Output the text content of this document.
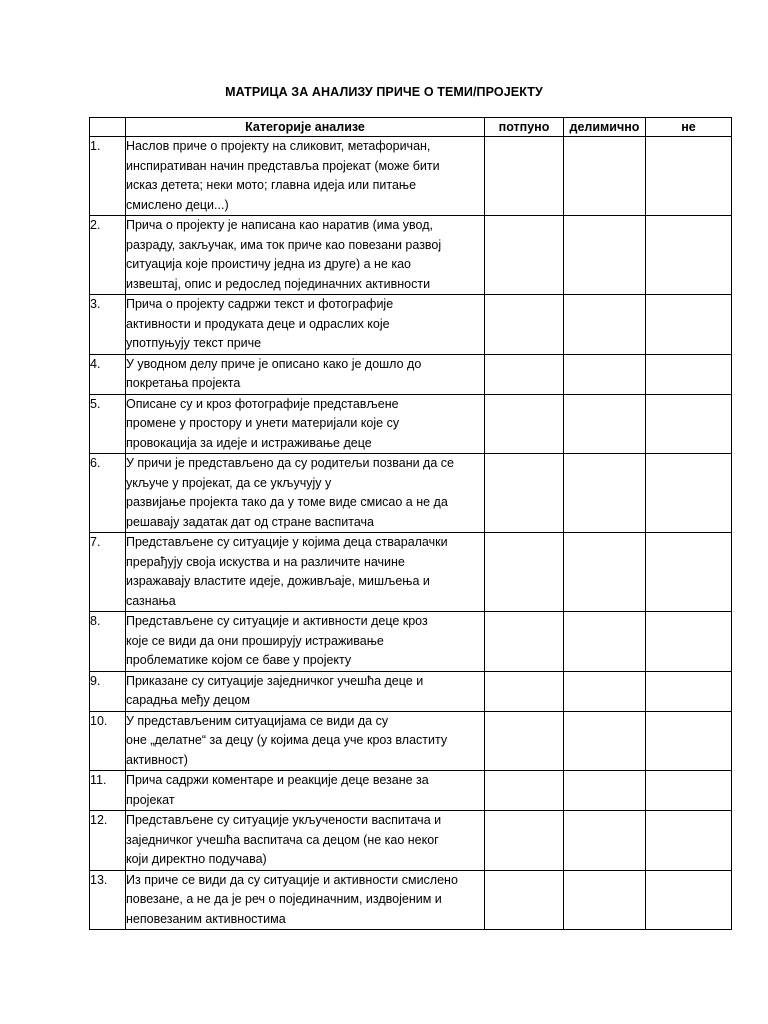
МАТРИЦА ЗА АНАЛИЗУ ПРИЧЕ О ТЕМИ/ПРОЈЕКТУ
	Категорије анализе	потпуно	делимично	не
1.	Наслов приче о пројекту на сликовит, метафоричан,
инспиративан начин представља пројекат (може бити
исказ детета; неки мото; главна идеја или питање
смислено деци...)			

2.	Прича о пројекту је написана као наратив (има увод,
разраду, закључак, има ток приче као повезани развој
ситуација које проистичу једна из друге) а не као
извештај, опис и редослед појединачних активности			

3.	Прича о пројекту садржи текст и фотографије
активности и продуката деце и одраслих које
употпуњују текст приче			

4.	У уводном делу приче је описано како је дошло до
покретања пројекта			

5.	Описане су и кроз фотографије представљене
промене у простору и унети материјали које су
провокација за идеје и истраживање деце			

6.	У причи је представљено да су родитељи позвани да се
укључе у пројекат, да се укључују у
развијање пројекта тако да у томе виде смисао а не да
решавају задатак дат од стране васпитача			

7.	Представљене су ситуације у којима деца стваралачки
прерађују своја искуства и на различите начине
изражавају властите идеје, доживљаје, мишљења и
сазнања			

8.	Представљене су ситуације и активности деце кроз
које се види да они проширују истраживање
проблематике којом се баве у пројекту			

9.	Приказане су ситуације заједничког учешћа деце и
сарадња међу децом			

10.	У представљеним ситуацијама се види да су
оне „делатне“ за децу (у којима деца уче кроз властиту
активност)			

11.	Прича садржи коментаре и реакције деце везане за
пројекат			

12.	Представљене су ситуације укључености васпитача и
заједничког учешћа васпитача са децом (не као неког
који директно подучава)			

13.	Из приче се види да су ситуације и активности смислено
повезане, а не да је реч о појединачним, издвојеним и
неповезаним активностима			
